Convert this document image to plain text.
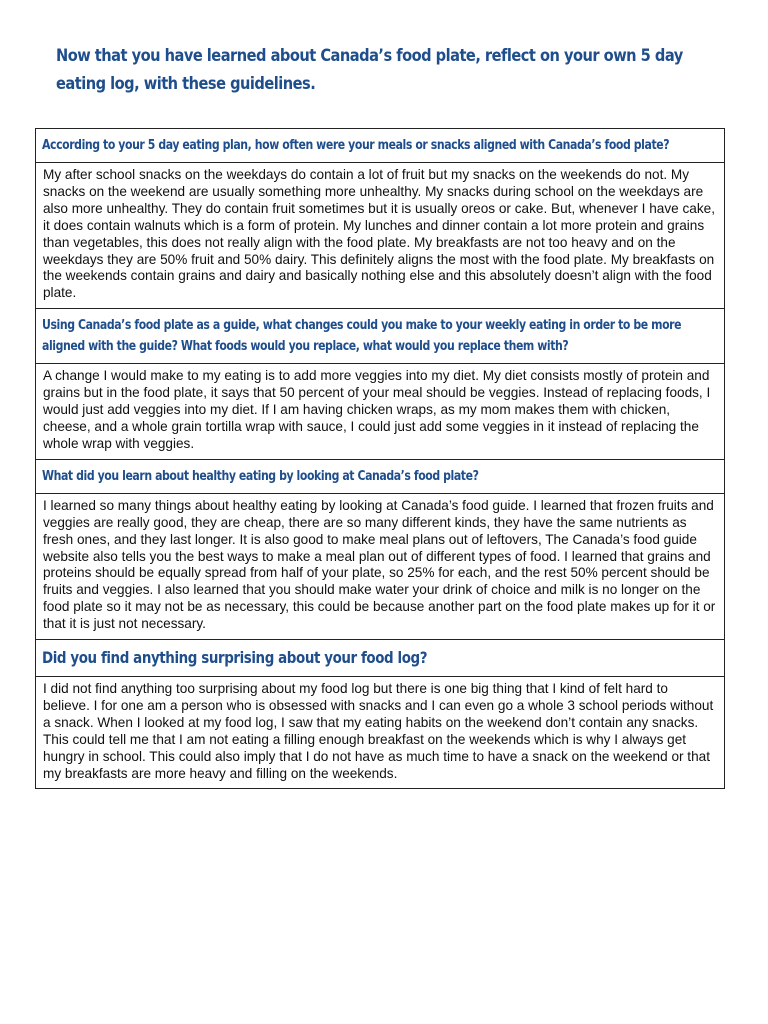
Now that you have learned about Canada’s food plate, reflect on your own 5 day eating log, with these guidelines.
According to your 5 day eating plan, how often were your meals or snacks aligned with Canada’s food plate?
My after school snacks on the weekdays do contain a lot of fruit but my snacks on the weekends do not. My snacks on the weekend are usually something more unhealthy. My snacks during school on the weekdays are also more unhealthy. They do contain fruit sometimes but it is usually oreos or cake. But, whenever I have cake, it does contain walnuts which is a form of protein. My lunches and dinner contain a lot more protein and grains than vegetables, this does not really align with the food plate. My breakfasts are not too heavy and on the weekdays they are 50% fruit and 50% dairy. This definitely aligns the most with the food plate. My breakfasts on the weekends contain grains and dairy and basically nothing else and this absolutely doesn’t align with the food plate.
Using Canada’s food plate as a guide, what changes could you make to your weekly eating in order to be more aligned with the guide? What foods would you replace, what would you replace them with?
A change I would make to my eating is to add more veggies into my diet. My diet consists mostly of protein and grains but in the food plate, it says that 50 percent of your meal should be veggies. Instead of replacing foods, I would just add veggies into my diet. If I am having chicken wraps, as my mom makes them with chicken, cheese, and a whole grain tortilla wrap with sauce, I could just add some veggies in it instead of replacing the whole wrap with veggies.
What did you learn about healthy eating by looking at Canada’s food plate?
I learned so many things about healthy eating by looking at Canada’s food guide. I learned that frozen fruits and veggies are really good, they are cheap, there are so many different kinds, they have the same nutrients as fresh ones, and they last longer. It is also good to make meal plans out of leftovers, The Canada’s food guide website also tells you the best ways to make a meal plan out of different types of food. I learned that grains and proteins should be equally spread from half of your plate, so 25% for each, and the rest 50% percent should be fruits and veggies. I also learned that you should make water your drink of choice and milk is no longer on the food plate so it may not be as necessary, this could be because another part on the food plate makes up for it or that it is just not necessary.
Did you find anything surprising about your food log?
I did not find anything too surprising about my food log but there is one big thing that I kind of felt hard to believe. I for one am a person who is obsessed with snacks and I can even go a whole 3 school periods without a snack. When I looked at my food log, I saw that my eating habits on the weekend don’t contain any snacks. This could tell me that I am not eating a filling enough breakfast on the weekends which is why I always get hungry in school. This could also imply that I do not have as much time to have a snack on the weekend or that my breakfasts are more heavy and filling on the weekends.
